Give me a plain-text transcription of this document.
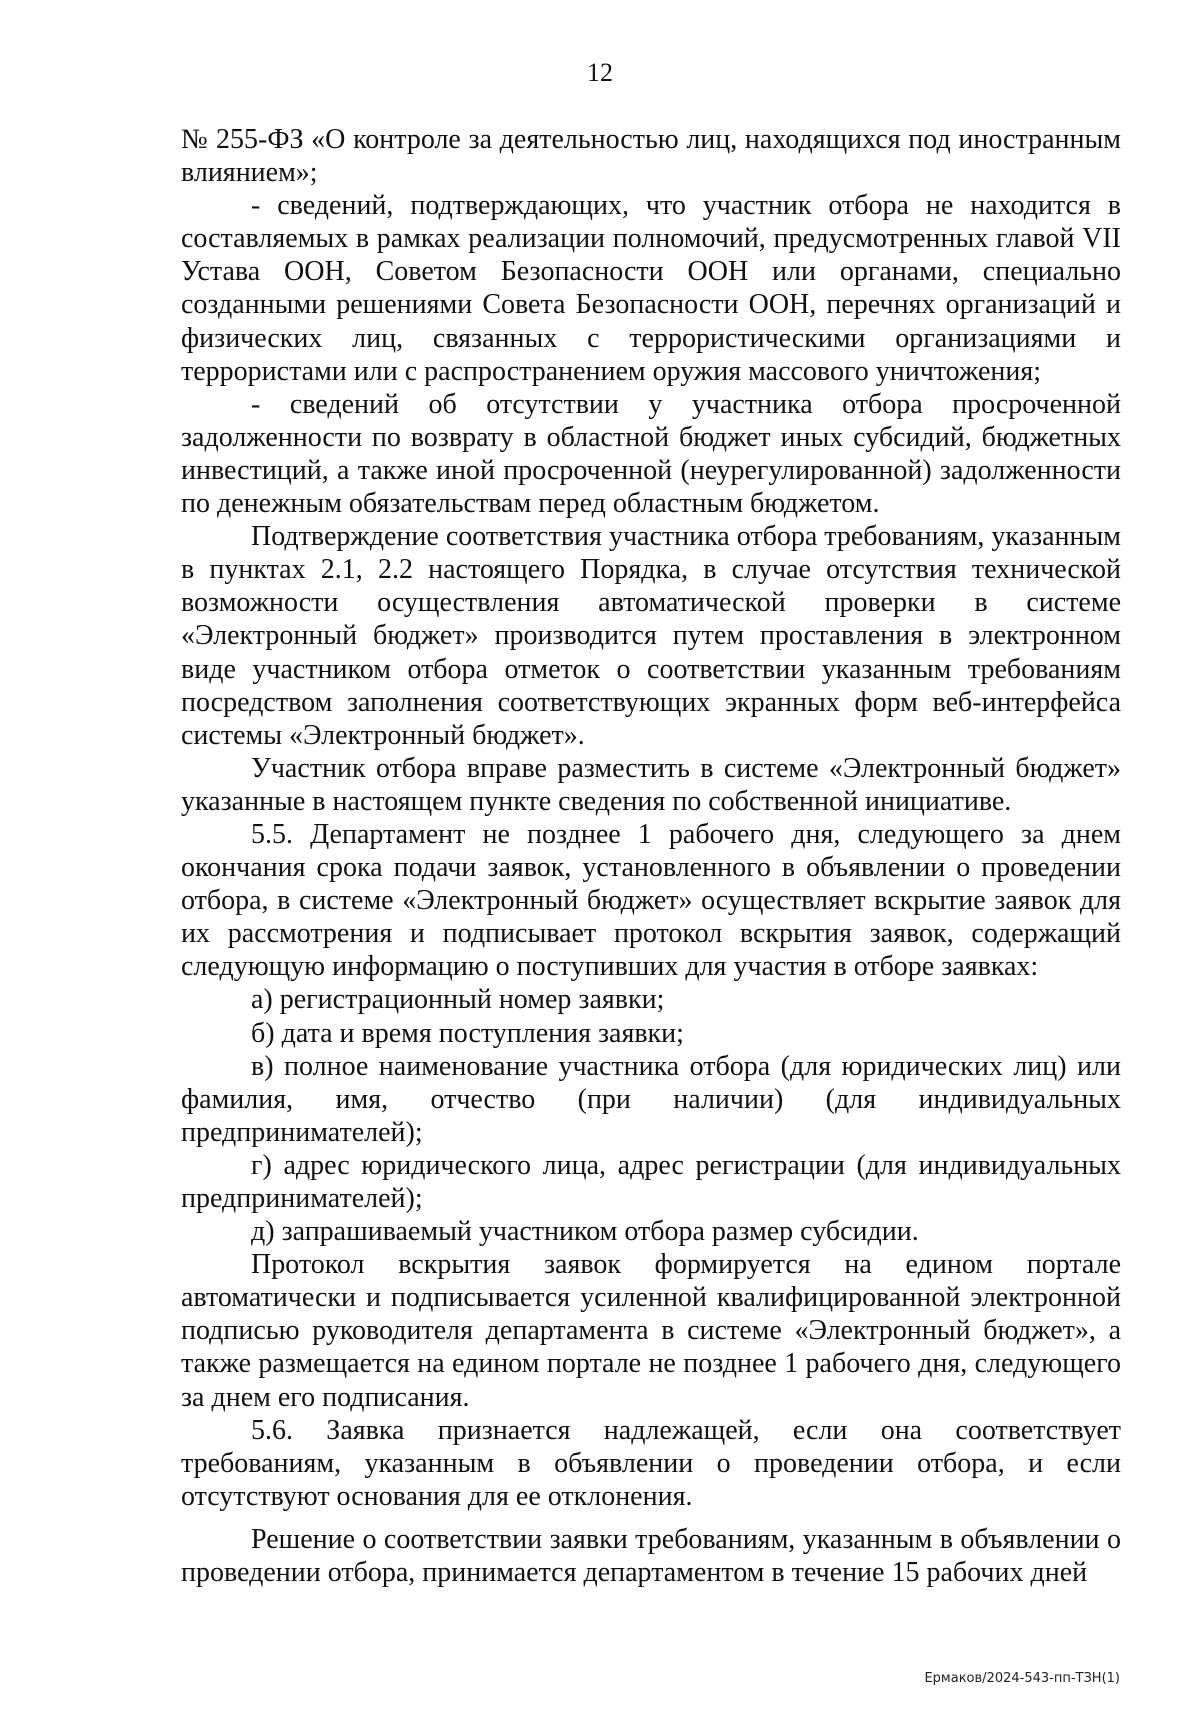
12

№ 255-ФЗ «О контроле за деятельностью лиц, находящихся под иностранным влиянием»;

- сведений, подтверждающих, что участник отбора не находится в составляемых в рамках реализации полномочий, предусмотренных главой VII Устава ООН, Советом Безопасности ООН или органами, специально созданными решениями Совета Безопасности ООН, перечнях организаций и физических лиц, связанных с террористическими организациями и террористами или с распространением оружия массового уничтожения;

- сведений об отсутствии у участника отбора просроченной задолженности по возврату в областной бюджет иных субсидий, бюджетных инвестиций, а также иной просроченной (неурегулированной) задолженности по денежным обязательствам перед областным бюджетом.

Подтверждение соответствия участника отбора требованиям, указанным в пунктах 2.1, 2.2 настоящего Порядка, в случае отсутствия технической возможности осуществления автоматической проверки в системе «Электронный бюджет» производится путем проставления в электронном виде участником отбора отметок о соответствии указанным требованиям посредством заполнения соответствующих экранных форм веб-интерфейса системы «Электронный бюджет».

Участник отбора вправе разместить в системе «Электронный бюджет» указанные в настоящем пункте сведения по собственной инициативе.

5.5. Департамент не позднее 1 рабочего дня, следующего за днем окончания срока подачи заявок, установленного в объявлении о проведении отбора, в системе «Электронный бюджет» осуществляет вскрытие заявок для их рассмотрения и подписывает протокол вскрытия заявок, содержащий следующую информацию о поступивших для участия в отборе заявках:

а) регистрационный номер заявки;

б) дата и время поступления заявки;

в) полное наименование участника отбора (для юридических лиц) или фамилия, имя, отчество (при наличии) (для индивидуальных предпринимателей);

г) адрес юридического лица, адрес регистрации (для индивидуальных предпринимателей);

д) запрашиваемый участником отбора размер субсидии.

Протокол вскрытия заявок формируется на едином портале автоматически и подписывается усиленной квалифицированной электронной подписью руководителя департамента в системе «Электронный бюджет», а также размещается на едином портале не позднее 1 рабочего дня, следующего за днем его подписания.

5.6. Заявка признается надлежащей, если она соответствует требованиям, указанным в объявлении о проведении отбора, и если отсутствуют основания для ее отклонения.

Решение о соответствии заявки требованиям, указанным в объявлении о проведении отбора, принимается департаментом в течение 15 рабочих дней

Ермаков/2024-543-пп-ТЗН(1)
